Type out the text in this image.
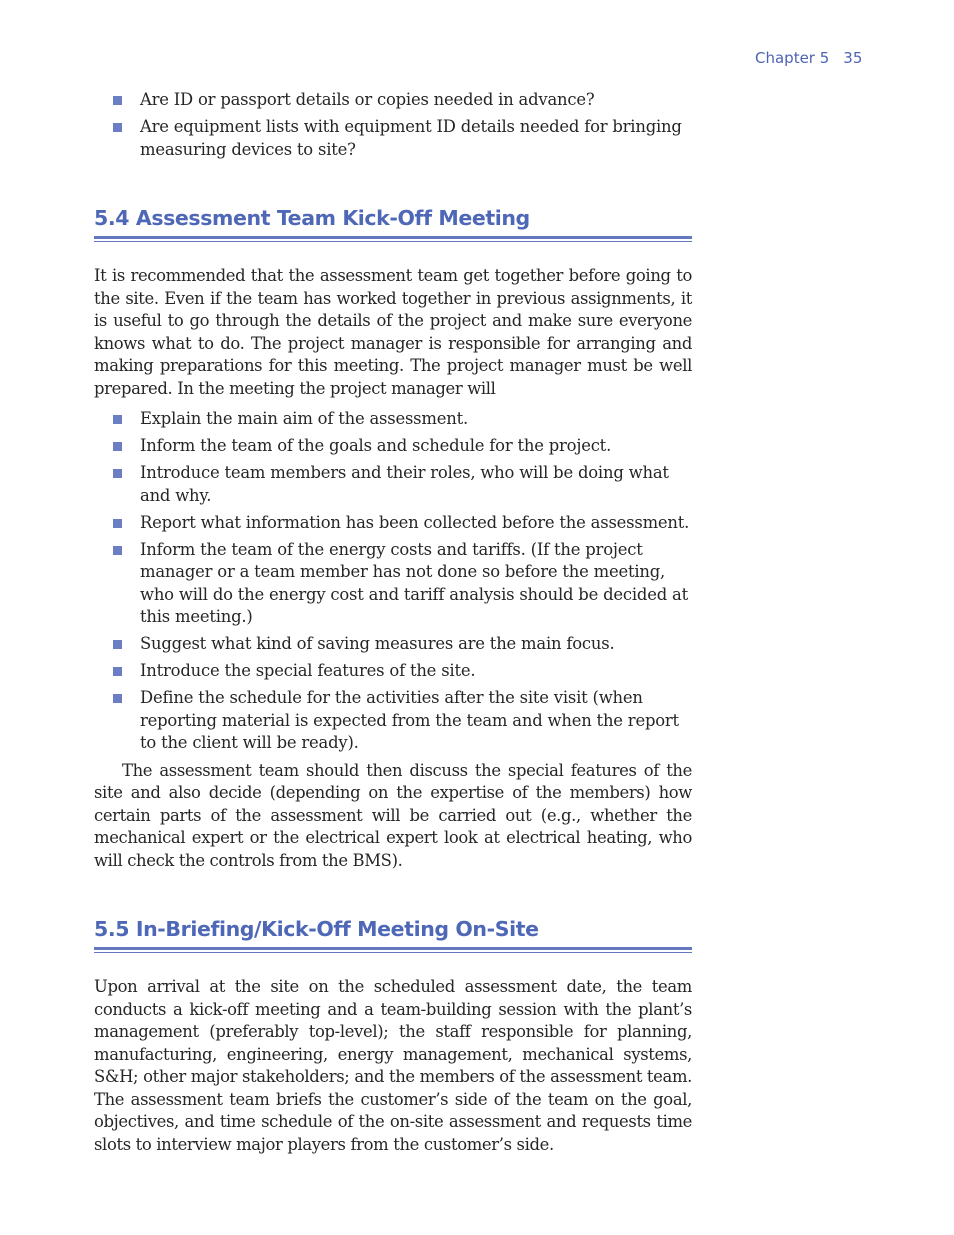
Chapter 5 35
Are ID or passport details or copies needed in advance?
Are equipment lists with equipment ID details needed for bringing measuring devices to site?
5.4 Assessment Team Kick-Off Meeting

It is recommended that the assessment team get together before going to the site. Even if the team has worked together in previous assignments, it is useful to go through the details of the project and make sure everyone knows what to do. The project manager is responsible for arranging and making preparations for this meeting. The project manager must be well prepared. In the meeting the project manager will

Explain the main aim of the assessment.
Inform the team of the goals and schedule for the project.
Introduce team members and their roles, who will be doing what and why.
Report what information has been collected before the assessment.
Inform the team of the energy costs and tariffs. (If the project manager or a team member has not done so before the meeting, who will do the energy cost and tariff analysis should be decided at this meeting.)
Suggest what kind of saving measures are the main focus.
Introduce the special features of the site.
Define the schedule for the activities after the site visit (when reporting material is expected from the team and when the report to the client will be ready).

The assessment team should then discuss the special features of the site and also decide (depending on the expertise of the members) how certain parts of the assessment will be carried out (e.g., whether the mechanical expert or the electrical expert look at electrical heating, who will check the controls from the BMS).

5.5 In-Briefing/Kick-Off Meeting On-Site

Upon arrival at the site on the scheduled assessment date, the team conducts a kick-off meeting and a team-building session with the plant’s management (preferably top-level); the staff responsible for planning, manufacturing, engineering, energy management, mechanical systems, S&H; other major stakeholders; and the members of the assessment team. The assessment team briefs the customer’s side of the team on the goal, objectives, and time schedule of the on-site assessment and requests time slots to interview major players from the customer’s side.
